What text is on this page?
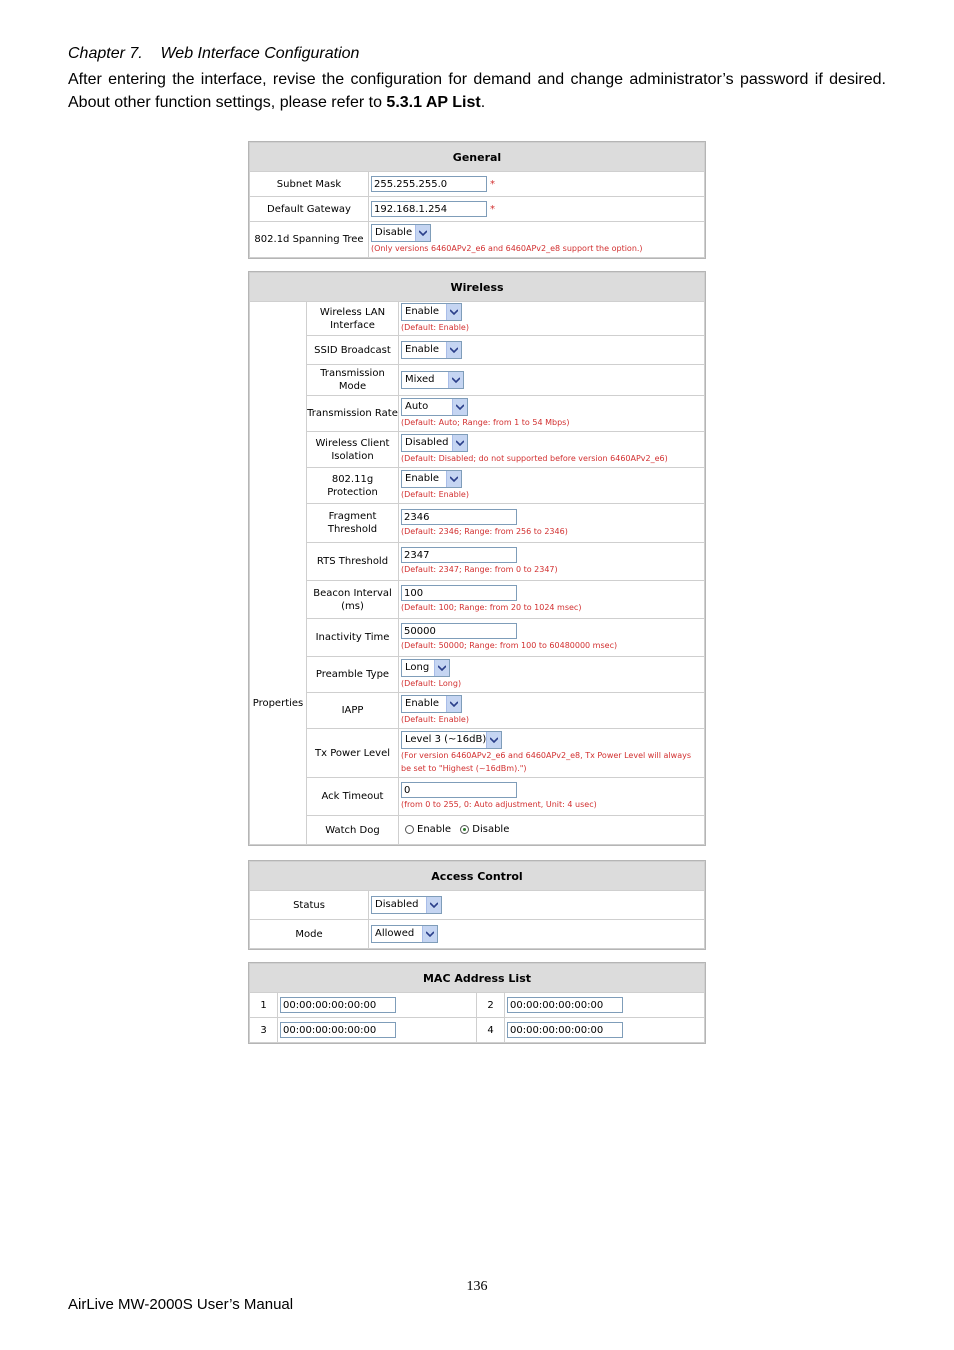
Chapter 7.    Web Interface Configuration
After entering the interface, revise the configuration for demand and change administrator’s password if desired. About other function settings, please refer to 5.3.1 AP List.
General	
Subnet Mask	255.255.255.0 *
Default Gateway	192.168.1.254 *
802.1d Spanning Tree	Disable
(Only versions 6460APv2_e6 and 6460APv2_e8 support the option.)
Wireless		
Properties	Wireless LAN Interface	Enable
(Default: Enable)

	SSID Broadcast	Enable

	Transmission Mode	Mixed

	Transmission Rate	Auto
(Default: Auto; Range: from 1 to 54 Mbps)

	Wireless Client Isolation	Disabled
(Default: Disabled; do not supported before version 6460APv2_e6)

	802.11g Protection	Enable
(Default: Enable)

	Fragment Threshold	2346
(Default: 2346; Range: from 256 to 2346)

	RTS Threshold	2347
(Default: 2347; Range: from 0 to 2347)

	Beacon Interval (ms)	100
(Default: 100; Range: from 20 to 1024 msec)

	Inactivity Time	50000
(Default: 50000; Range: from 100 to 60480000 msec)

	Preamble Type	Long
(Default: Long)

	IAPP	Enable
(Default: Enable)

	Tx Power Level	Level 3 (~16dB)
(For version 6460APv2_e6 and 6460APv2_e8, Tx Power Level will always be set to "Highest (~16dBm).")

	Ack Timeout	0
(from 0 to 255, 0: Auto adjustment, Unit: 4 usec)

	Watch Dog	Enable Disable
Access Control	
Status	Disabled

Mode	Allowed
MAC Address List			
1	00:00:00:00:00:00	2	00:00:00:00:00:00
3	00:00:00:00:00:00	4	00:00:00:00:00:00
136
AirLive MW-2000S User’s Manual
